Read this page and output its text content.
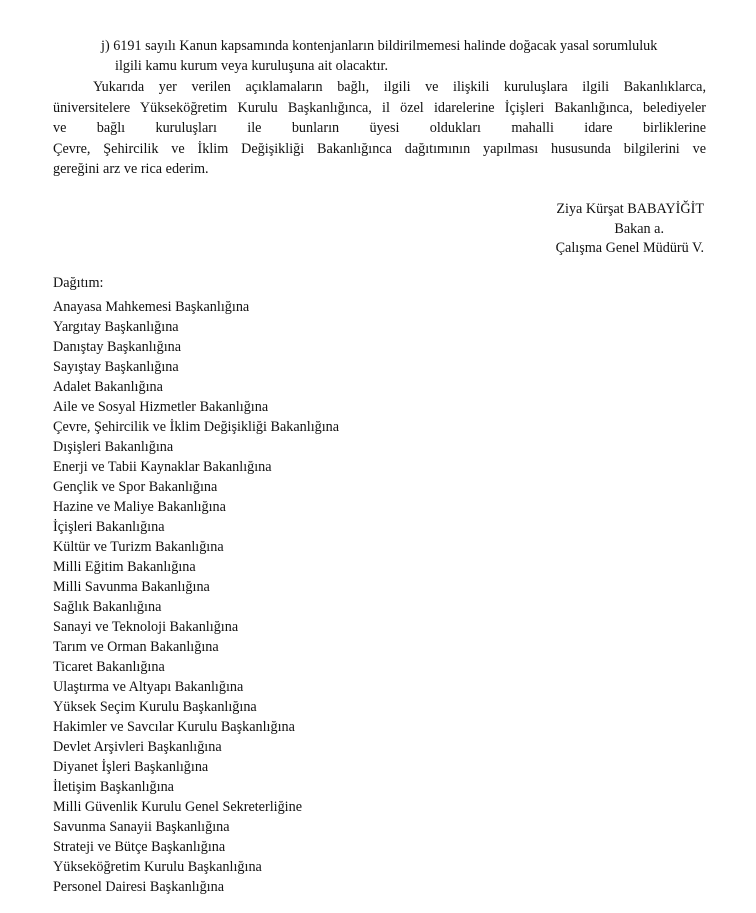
j) 6191 sayılı Kanun kapsamında kontenjanların bildirilmemesi halinde doğacak yasal sorumluluk
ilgili kamu kurum veya kuruluşuna ait olacaktır.
Yukarıda yer verilen açıklamaların bağlı, ilgili ve ilişkili kuruluşlara ilgili Bakanlıklarca,
üniversitelere Yükseköğretim Kurulu Başkanlığınca, il özel idarelerine İçişleri Bakanlığınca, belediyeler
ve bağlı kuruluşları ile bunların üyesi oldukları mahalli idare birliklerine
Çevre, Şehircilik ve İklim Değişikliği Bakanlığınca dağıtımının yapılması hususunda bilgilerini ve
gereğini arz ve rica ederim.
Ziya Kürşat BABAYİĞİT
Bakan a.
Çalışma Genel Müdürü V.
Dağıtım:
Anayasa Mahkemesi Başkanlığına
Yargıtay Başkanlığına
Danıştay Başkanlığına
Sayıştay Başkanlığına
Adalet Bakanlığına
Aile ve Sosyal Hizmetler Bakanlığına
Çevre, Şehircilik ve İklim Değişikliği Bakanlığına
Dışişleri Bakanlığına
Enerji ve Tabii Kaynaklar Bakanlığına
Gençlik ve Spor Bakanlığına
Hazine ve Maliye Bakanlığına
İçişleri Bakanlığına
Kültür ve Turizm Bakanlığına
Milli Eğitim Bakanlığına
Milli Savunma Bakanlığına
Sağlık Bakanlığına
Sanayi ve Teknoloji Bakanlığına
Tarım ve Orman Bakanlığına
Ticaret Bakanlığına
Ulaştırma ve Altyapı Bakanlığına
Yüksek Seçim Kurulu Başkanlığına
Hakimler ve Savcılar Kurulu Başkanlığına
Devlet Arşivleri Başkanlığına
Diyanet İşleri Başkanlığına
İletişim Başkanlığına
Milli Güvenlik Kurulu Genel Sekreterliğine
Savunma Sanayii Başkanlığına
Strateji ve Bütçe Başkanlığına
Yükseköğretim Kurulu Başkanlığına
Personel Dairesi Başkanlığına
